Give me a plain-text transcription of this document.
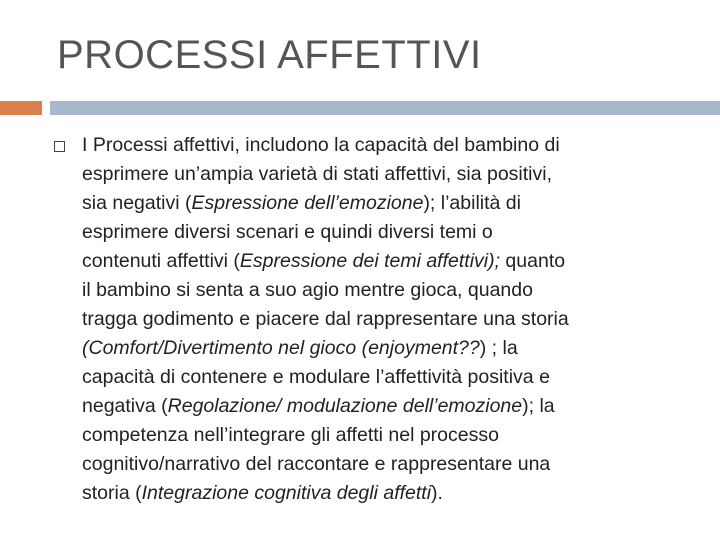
PROCESSI AFFETTIVI
I Processi affettivi, includono la capacità del bambino di
esprimere un’ampia varietà di stati affettivi, sia positivi,
sia negativi (Espressione dell’emozione); l’abilità di
esprimere diversi scenari e quindi diversi temi o
contenuti affettivi (Espressione dei temi affettivi); quanto
il bambino si senta a suo agio mentre gioca, quando
tragga godimento e piacere dal rappresentare una storia
(Comfort/Divertimento nel gioco (enjoyment??) ; la
capacità di contenere e modulare l’affettività positiva e
negativa (Regolazione/ modulazione dell’emozione); la
competenza nell’integrare gli affetti nel processo
cognitivo/narrativo del raccontare e rappresentare una
storia (Integrazione cognitiva degli affetti).
